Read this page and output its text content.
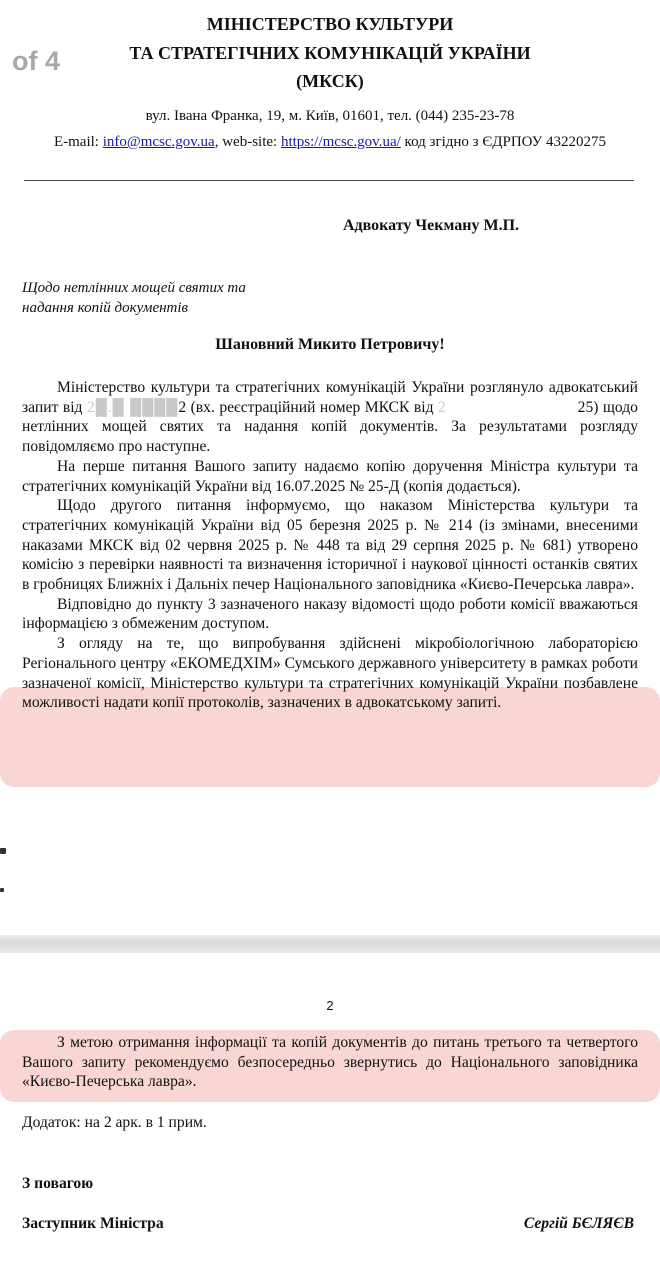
of 4
МІНІСТЕРСТВО КУЛЬТУРИ
ТА СТРАТЕГІЧНИХ КОМУНІКАЦІЙ УКРАЇНИ
(МКСК)
вул. Івана Франка, 19, м. Київ, 01601, тел. (044) 235-23-78
E-mail: info@mcsc.gov.ua, web-site: https://mcsc.gov.ua/ код згідно з ЄДРПОУ 43220275
Адвокату Чекману М.П.
Щодо нетлінних мощей святих та
надання копій документів
Шановний Микито Петровичу!

Міністерство культури та стратегічних комунікацій України розглянуло адвокатський запит від 2█.█ ████2 (вх. реєстраційний номер МКСК від 2                        25) щодо нетлінних мощей святих та надання копій документів. За результатами розгляду повідомляємо про наступне.

На перше питання Вашого запиту надаємо копію доручення Міністра культури та стратегічних комунікацій України від 16.07.2025 № 25-Д (копія додається).

Щодо другого питання інформуємо, що наказом Міністерства культури та стратегічних комунікацій України від 05 березня 2025 р. № 214 (із змінами, внесеними наказами МКСК від 02 червня 2025 р. № 448 та від 29 серпня 2025 р. № 681) утворено комісію з перевірки наявності та визначення історичної і наукової цінності останків святих в гробницях Ближніх і Дальніх печер Національного заповідника «Києво-Печерська лавра».

Відповідно до пункту 3 зазначеного наказу відомості щодо роботи комісії вважаються інформацією з обмеженим доступом.

З огляду на те, що випробування здійснені мікробіологічною лабораторією Регіонального центру «ЕКОМЕДХІМ» Сумського державного університету в рамках роботи зазначеної комісії, Міністерство культури та стратегічних комунікацій України позбавлене можливості надати копії протоколів, зазначених в адвокатському запиті.

2

З метою отримання інформації та копій документів до питань третього та четвертого Вашого запиту рекомендуємо безпосередньо звернутись до Національного заповідника «Києво-Печерська лавра».

Додаток: на 2 арк. в 1 прим.
З повагою
Заступник Міністра	Сергій БЄЛЯЄВ
